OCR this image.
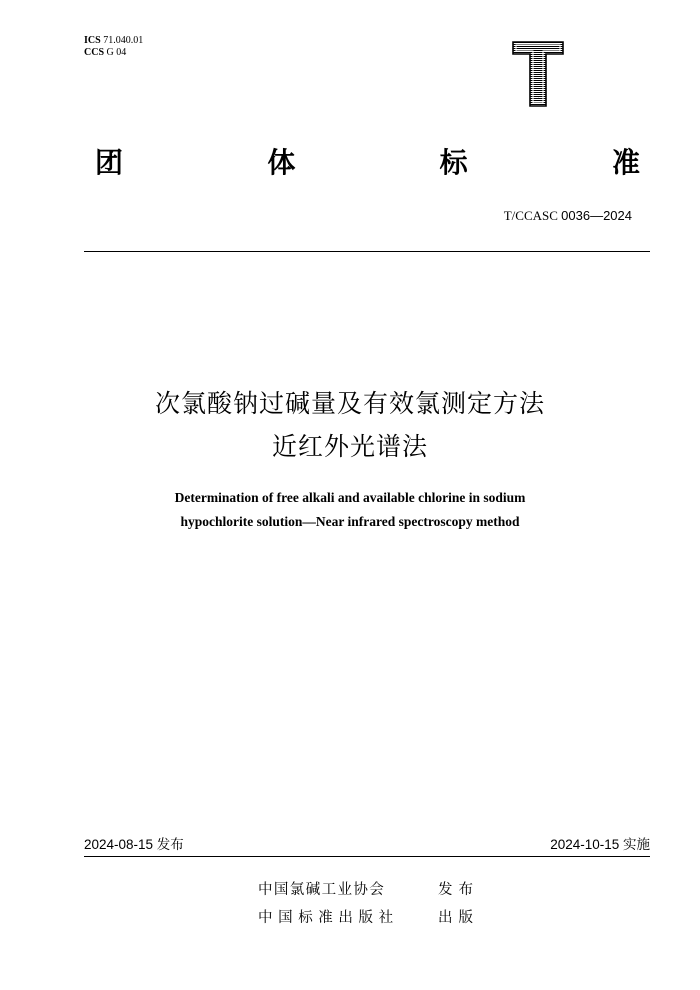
ICS 71.040.01
CCS G 04
T
团	体	标	准
T/CCASC 0036—2024
次氯酸钠过碱量及有效氯测定方法
近红外光谱法
Determination of free alkali and available chlorine in sodium
hypochlorite solution—Near infrared spectroscopy method
2024-08-15 发布	2024-10-15 实施
中国氯碱工业协会	发布
中国标准出版社	出版
